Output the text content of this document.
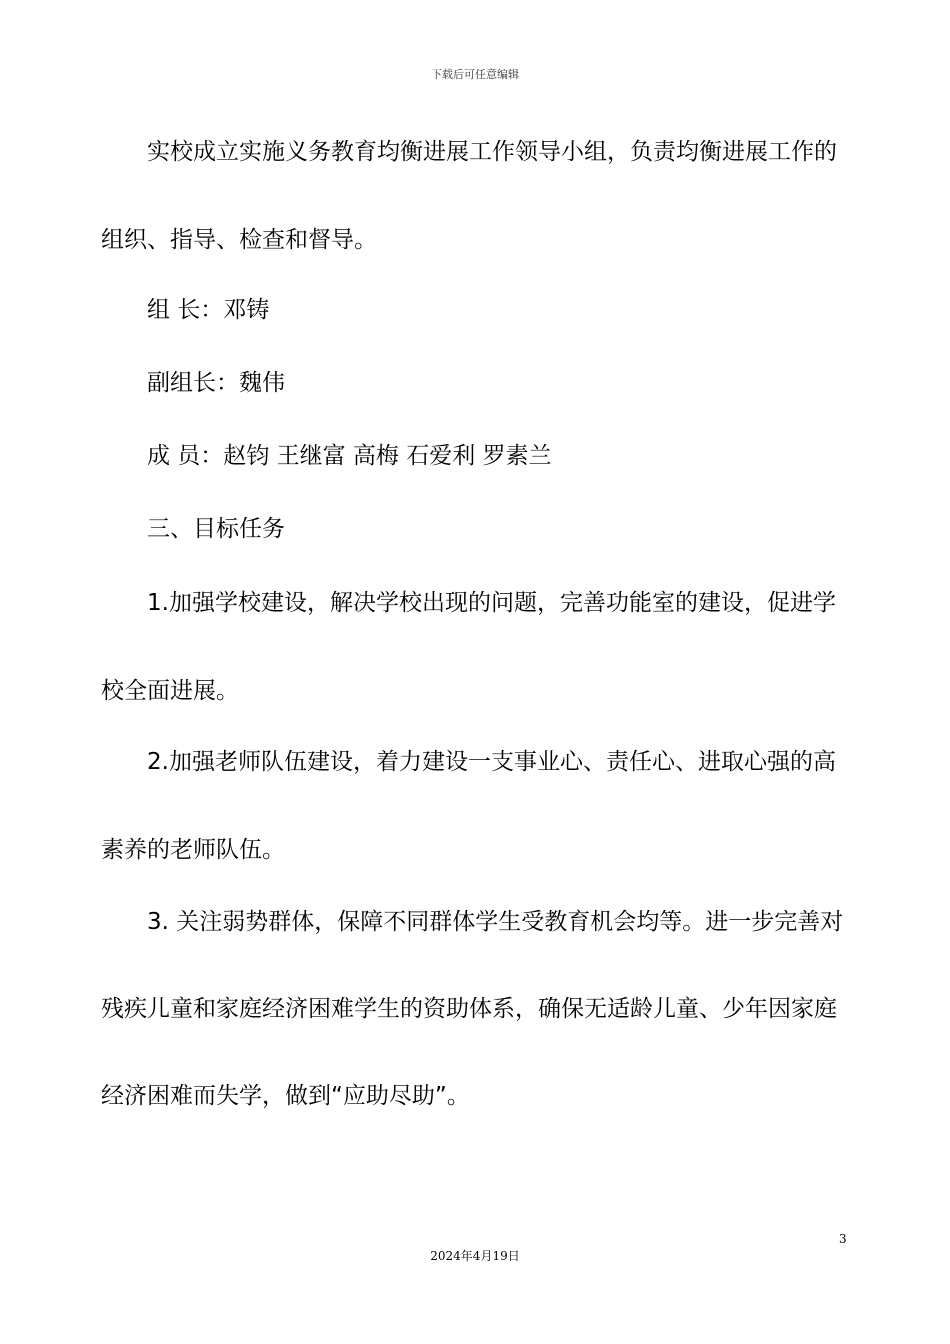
下载后可任意编辑
实校成立实施义务教育均衡进展工作领导小组，负责均衡进展工作的
组织、指导、检查和督导。
组 长：邓铸
副组长：魏伟
成 员：赵钧 王继富 高梅 石爱利 罗素兰
三、目标任务
1.加强学校建设，解决学校出现的问题，完善功能室的建设，促进学
校全面进展。
2.加强老师队伍建设，着力建设一支事业心、责任心、进取心强的高
素养的老师队伍。
3. 关注弱势群体，保障不同群体学生受教育机会均等。进一步完善对
残疾儿童和家庭经济困难学生的资助体系，确保无适龄儿童、少年因家庭
经济困难而失学，做到“应助尽助”。
3
2024年4月19日
